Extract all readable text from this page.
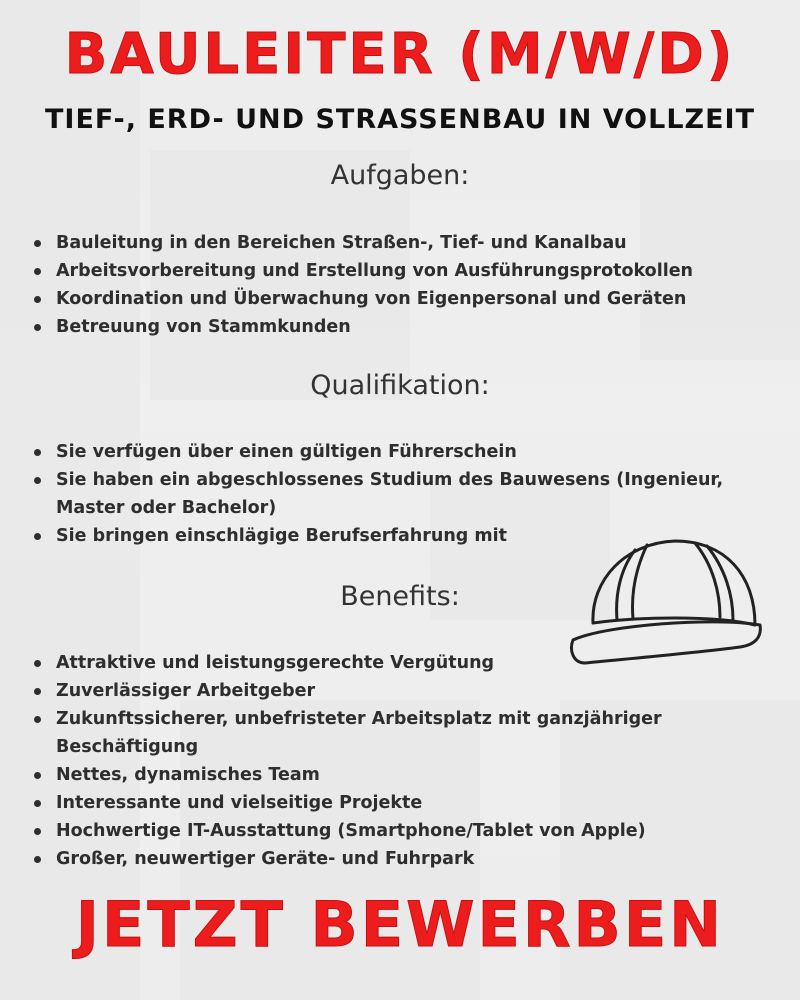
BAULEITER (M/W/D)
TIEF-, ERD- UND STRASSENBAU IN VOLLZEIT
Aufgaben:
Bauleitung in den Bereichen Straßen-, Tief- und Kanalbau
Arbeitsvorbereitung und Erstellung von Ausführungsprotokollen
Koordination und Überwachung von Eigenpersonal und Geräten
Betreuung von Stammkunden
Qualifikation:
Sie verfügen über einen gültigen Führerschein
Sie haben ein abgeschlossenes Studium des Bauwesens (Ingenieur, Master oder Bachelor)
Sie bringen einschlägige Berufserfahrung mit
Benefits:
Attraktive und leistungsgerechte Vergütung
Zuverlässiger Arbeitgeber
Zukunftssicherer, unbefristeter Arbeitsplatz mit ganzjähriger Beschäftigung
Nettes, dynamisches Team
Interessante und vielseitige Projekte
Hochwertige IT-Ausstattung (Smartphone/Tablet von Apple)
Großer, neuwertiger Geräte- und Fuhrpark
JETZT BEWERBEN
